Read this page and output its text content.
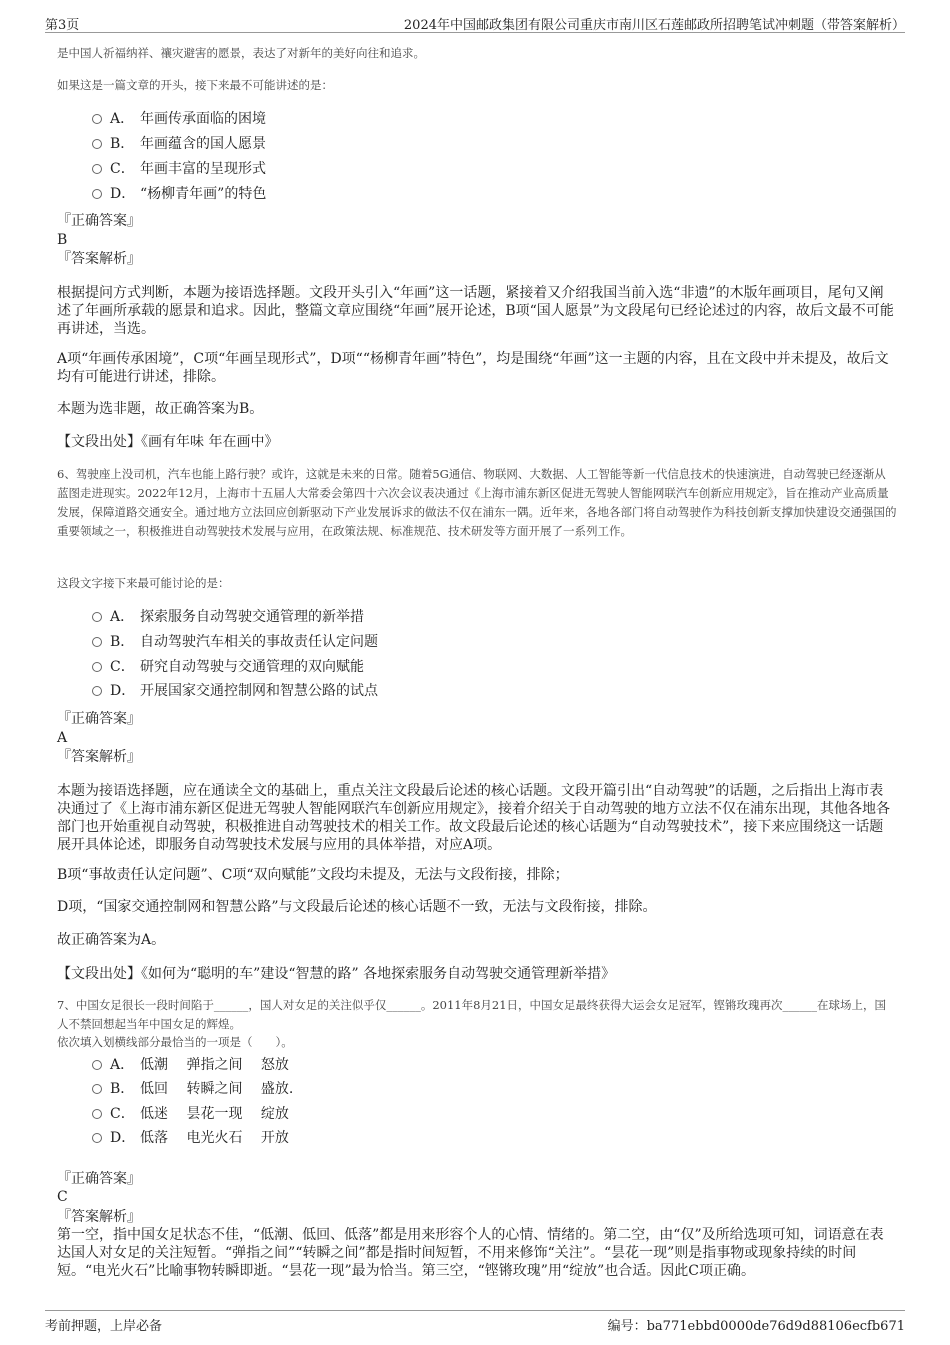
第3页	2024年中国邮政集团有限公司重庆市南川区石莲邮政所招聘笔试冲刺题（带答案解析）
是中国人祈福纳祥、禳灾避害的愿景，表达了对新年的美好向往和追求。
如果这是一篇文章的开头，接下来最不可能讲述的是：
A． 年画传承面临的困境
B． 年画蕴含的国人愿景
C． 年画丰富的呈现形式
D． “杨柳青年画”的特色
『正确答案』
B
『答案解析』
根据提问方式判断，本题为接语选择题。文段开头引入“年画”这一话题，紧接着又介绍我国当前入选“非遗”的木版年画项目，尾句又阐述了年画所承载的愿景和追求。因此，整篇文章应围绕“年画”展开论述，B项“国人愿景”为文段尾句已经论述过的内容，故后文最不可能再讲述，当选。
A项“年画传承困境”，C项“年画呈现形式”，D项““杨柳青年画”特色”，均是围绕“年画”这一主题的内容，且在文段中并未提及，故后文均有可能进行讲述，排除。
本题为选非题，故正确答案为B。
【文段出处】《画有年味 年在画中》
6、驾驶座上没司机，汽车也能上路行驶？或许，这就是未来的日常。随着5G通信、物联网、大数据、人工智能等新一代信息技术的快速演进，自动驾驶已经逐渐从蓝图走进现实。2022年12月，上海市十五届人大常委会第四十六次会议表决通过《上海市浦东新区促进无驾驶人智能网联汽车创新应用规定》，旨在推动产业高质量发展，保障道路交通安全。通过地方立法回应创新驱动下产业发展诉求的做法不仅在浦东一隅。近年来，各地各部门将自动驾驶作为科技创新支撑加快建设交通强国的重要领域之一，积极推进自动驾驶技术发展与应用，在政策法规、标准规范、技术研发等方面开展了一系列工作。
这段文字接下来最可能讨论的是：
A． 探索服务自动驾驶交通管理的新举措
B． 自动驾驶汽车相关的事故责任认定问题
C． 研究自动驾驶与交通管理的双向赋能
D． 开展国家交通控制网和智慧公路的试点
『正确答案』
A
『答案解析』
本题为接语选择题，应在通读全文的基础上，重点关注文段最后论述的核心话题。文段开篇引出“自动驾驶”的话题，之后指出上海市表决通过了《上海市浦东新区促进无驾驶人智能网联汽车创新应用规定》，接着介绍关于自动驾驶的地方立法不仅在浦东出现，其他各地各部门也开始重视自动驾驶，积极推进自动驾驶技术的相关工作。故文段最后论述的核心话题为“自动驾驶技术”，接下来应围绕这一话题展开具体论述，即服务自动驾驶技术发展与应用的具体举措，对应A项。
B项“事故责任认定问题”、C项“双向赋能”文段均未提及，无法与文段衔接，排除；
D项，“国家交通控制网和智慧公路”与文段最后论述的核心话题不一致，无法与文段衔接，排除。
故正确答案为A。
【文段出处】《如何为“聪明的车”建设“智慧的路” 各地探索服务自动驾驶交通管理新举措》
7、中国女足很长一段时间陷于______，国人对女足的关注似乎仅______。2011年8月21日，中国女足最终获得大运会女足冠军，铿锵玫瑰再次______在球场上，国人不禁回想起当年中国女足的辉煌。
依次填入划横线部分最恰当的一项是（　　）。
A． 低潮　 弹指之间　 怒放
B． 低回　 转瞬之间　 盛放.
C． 低迷　 昙花一现　 绽放
D． 低落　 电光火石　 开放
『正确答案』
C
『答案解析』
第一空，指中国女足状态不佳，“低潮、低回、低落”都是用来形容个人的心情、情绪的。第二空，由“仅”及所给选项可知，词语意在表达国人对女足的关注短暂。“弹指之间”“转瞬之间”都是指时间短暂，不用来修饰“关注”。“昙花一现”则是指事物或现象持续的时间短。“电光火石”比喻事物转瞬即逝。“昙花一现”最为恰当。第三空，“铿锵玫瑰”用“绽放”也合适。因此C项正确。
考前押题，上岸必备	编号：ba771ebbd0000de76d9d88106ecfb671
